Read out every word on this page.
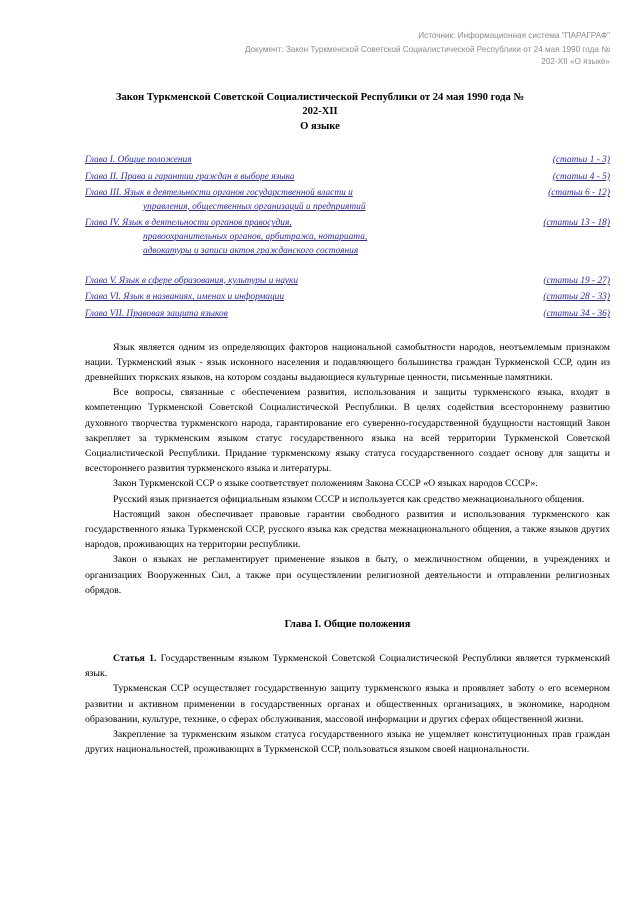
Источник: Информационная система "ПАРАГРАФ"
Документ: Закон Туркменской Советской Социалистической Республики от 24 мая 1990 года №
202-XII «О языке»
Закон Туркменской Советской Социалистической Республики от 24 мая 1990 года №
202-XII
О языке
Глава I. Общие положения	(статьи 1 - 3)
Глава II. Права и гарантии граждан в выборе языка	(статьи 4 - 5)
Глава III. Язык в деятельности органов государственной власти и
управления, общественных организаций и предприятий
(статьи 6 - 12)
Глава IV. Язык в деятельности органов правосудия,
правоохранительных органов, арбитража, нотариата,
адвокатуры и записи актов гражданского состояния
(статьи 13 - 18)
Глава V. Язык в сфере образования, культуры и науки	(статьи 19 - 27)
Глава VI. Язык в названиях, именах и информации	(статьи 28 - 33)
Глава VII. Правовая защита языков	(статьи 34 - 36)

Язык является одним из определяющих факторов национальной самобытности народов, неотъемлемым признаком нации. Туркменский язык - язык исконного населения и подавляющего большинства граждан Туркменской ССР, один из древнейших тюркских языков, на котором созданы выдающиеся культурные ценности, письменные памятники.

Все вопросы, связанные с обеспечением развития, использования и защиты туркменского языка, входят в компетенцию Туркменской Советской Социалистической Республики. В целях содействия всестороннему развитию духовного творчества туркменского народа, гарантирование его суверенно-государственной будущности настоящий Закон закрепляет за туркменским языком статус государственного языка на всей территории Туркменской Советской Социалистической Республики. Придание туркменскому языку статуса государственного создает основу для защиты и всестороннего развития туркменского языка и литературы.

Закон Туркменской ССР о языке соответствует положениям Закона СССР «О языках народов СССР».

Русский язык признается официальным языком СССР и используется как средство межнационального общения.

Настоящий закон обеспечивает правовые гарантии свободного развития и использования туркменского как государственного языка Туркменской ССР, русского языка как средства межнационального общения, а также языков других народов, проживающих на территории республики.

Закон о языках не регламентирует применение языков в быту, о межличностном общении, в учреждениях и организациях Вооруженных Сил, а также при осуществлении религиозной деятельности и отправлении религиозных обрядов.

Глава I. Общие положения

Статья 1. Государственным языком Туркменской Советской Социалистической Республики является туркменский язык.

Туркменская ССР осуществляет государственную защиту туркменского языка и проявляет заботу о его всемерном развитии и активном применении в государственных органах и общественных организациях, в экономике, народном образовании, культуре, технике, о сферах обслуживания, массовой информации и других сферах общественной жизни.

Закрепление за туркменским языком статуса государственного языка не ущемляет конституционных прав граждан других национальностей, проживающих в Туркменской ССР, пользоваться языком своей национальности.
